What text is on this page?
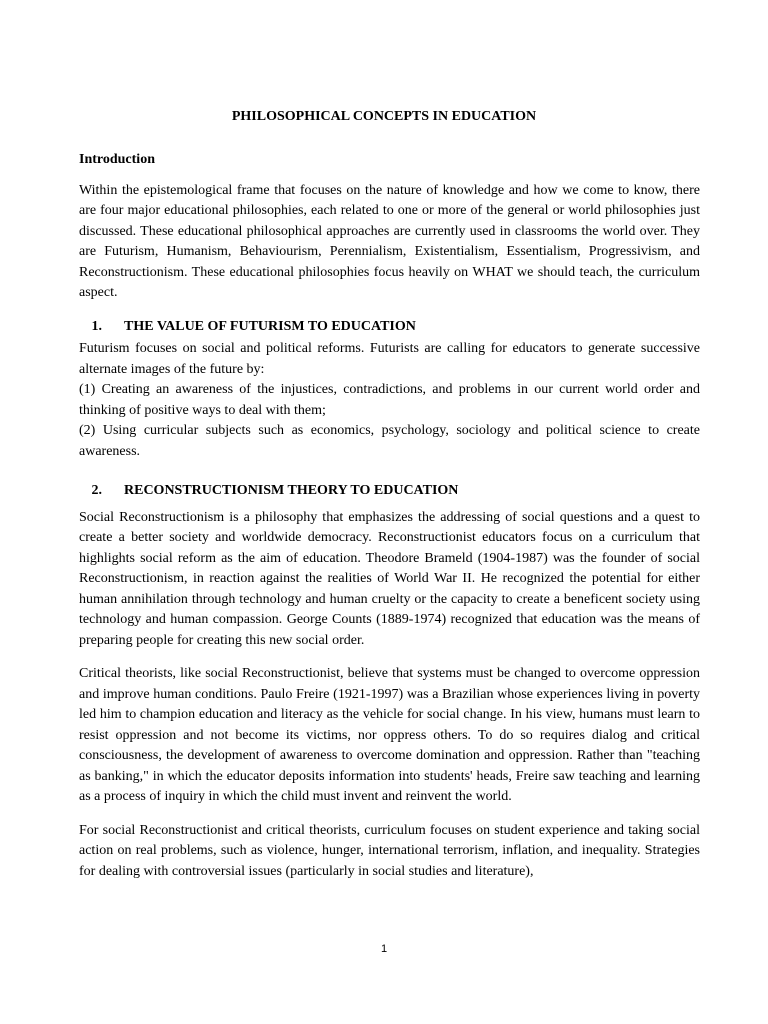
PHILOSOPHICAL CONCEPTS IN EDUCATION
Introduction

Within the epistemological frame that focuses on the nature of knowledge and how we come to know, there are four major educational philosophies, each related to one or more of the general or world philosophies just discussed. These educational philosophical approaches are currently used in classrooms the world over. They are Futurism, Humanism, Behaviourism, Perennialism, Existentialism, Essentialism, Progressivism, and Reconstructionism. These educational philosophies focus heavily on WHAT we should teach, the curriculum aspect.

1. THE VALUE OF FUTURISM TO EDUCATION

Futurism focuses on social and political reforms. Futurists are calling for educators to generate successive alternate images of the future by:

(1) Creating an awareness of the injustices, contradictions, and problems in our current world order and thinking of positive ways to deal with them;

(2) Using curricular subjects such as economics, psychology, sociology and political science to create awareness.

2. RECONSTRUCTIONISM THEORY TO EDUCATION

Social Reconstructionism is a philosophy that emphasizes the addressing of social questions and a quest to create a better society and worldwide democracy. Reconstructionist educators focus on a curriculum that highlights social reform as the aim of education. Theodore Brameld (1904-1987) was the founder of social Reconstructionism, in reaction against the realities of World War II. He recognized the potential for either human annihilation through technology and human cruelty or the capacity to create a beneficent society using technology and human compassion. George Counts (1889-1974) recognized that education was the means of preparing people for creating this new social order.

Critical theorists, like social Reconstructionist, believe that systems must be changed to overcome oppression and improve human conditions. Paulo Freire (1921-1997) was a Brazilian whose experiences living in poverty led him to champion education and literacy as the vehicle for social change. In his view, humans must learn to resist oppression and not become its victims, nor oppress others. To do so requires dialog and critical consciousness, the development of awareness to overcome domination and oppression. Rather than "teaching as banking," in which the educator deposits information into students' heads, Freire saw teaching and learning as a process of inquiry in which the child must invent and reinvent the world.

For social Reconstructionist and critical theorists, curriculum focuses on student experience and taking social action on real problems, such as violence, hunger, international terrorism, inflation, and inequality. Strategies for dealing with controversial issues (particularly in social studies and literature),

1
